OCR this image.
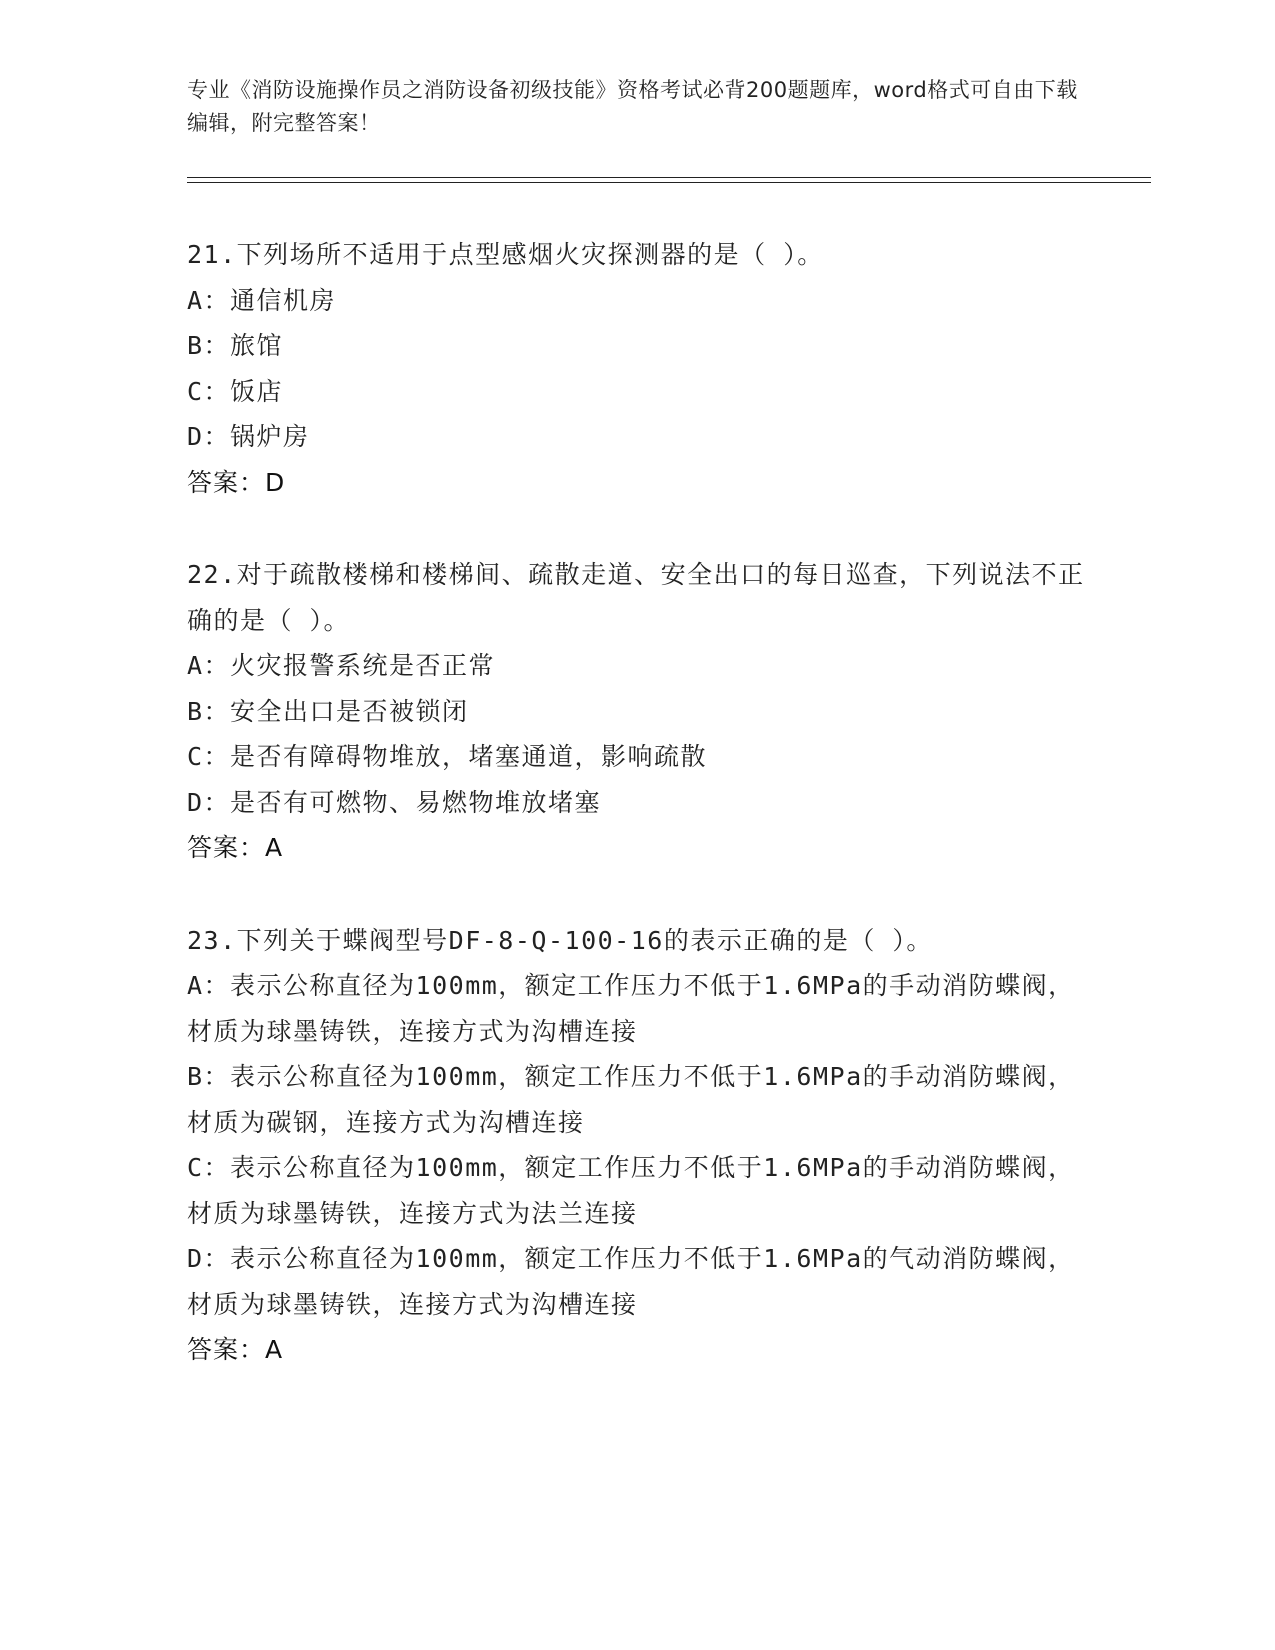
专业《消防设施操作员之消防设备初级技能》资格考试必背200题题库，word格式可自由下载编辑，附完整答案！
21.下列场所不适用于点型感烟火灾探测器的是（ ）。
A：通信机房
B：旅馆
C：饭店
D：锅炉房
答案：D
22.对于疏散楼梯和楼梯间、疏散走道、安全出口的每日巡查，下列说法不正确的是（ ）。
A：火灾报警系统是否正常
B：安全出口是否被锁闭
C：是否有障碍物堆放，堵塞通道，影响疏散
D：是否有可燃物、易燃物堆放堵塞
答案：A
23.下列关于蝶阀型号DF-8-Q-100-16的表示正确的是（ ）。
A：表示公称直径为100mm，额定工作压力不低于1.6MPa的手动消防蝶阀，材质为球墨铸铁，连接方式为沟槽连接
B：表示公称直径为100mm，额定工作压力不低于1.6MPa的手动消防蝶阀，材质为碳钢，连接方式为沟槽连接
C：表示公称直径为100mm，额定工作压力不低于1.6MPa的手动消防蝶阀，材质为球墨铸铁，连接方式为法兰连接
D：表示公称直径为100mm，额定工作压力不低于1.6MPa的气动消防蝶阀，材质为球墨铸铁，连接方式为沟槽连接
答案：A
